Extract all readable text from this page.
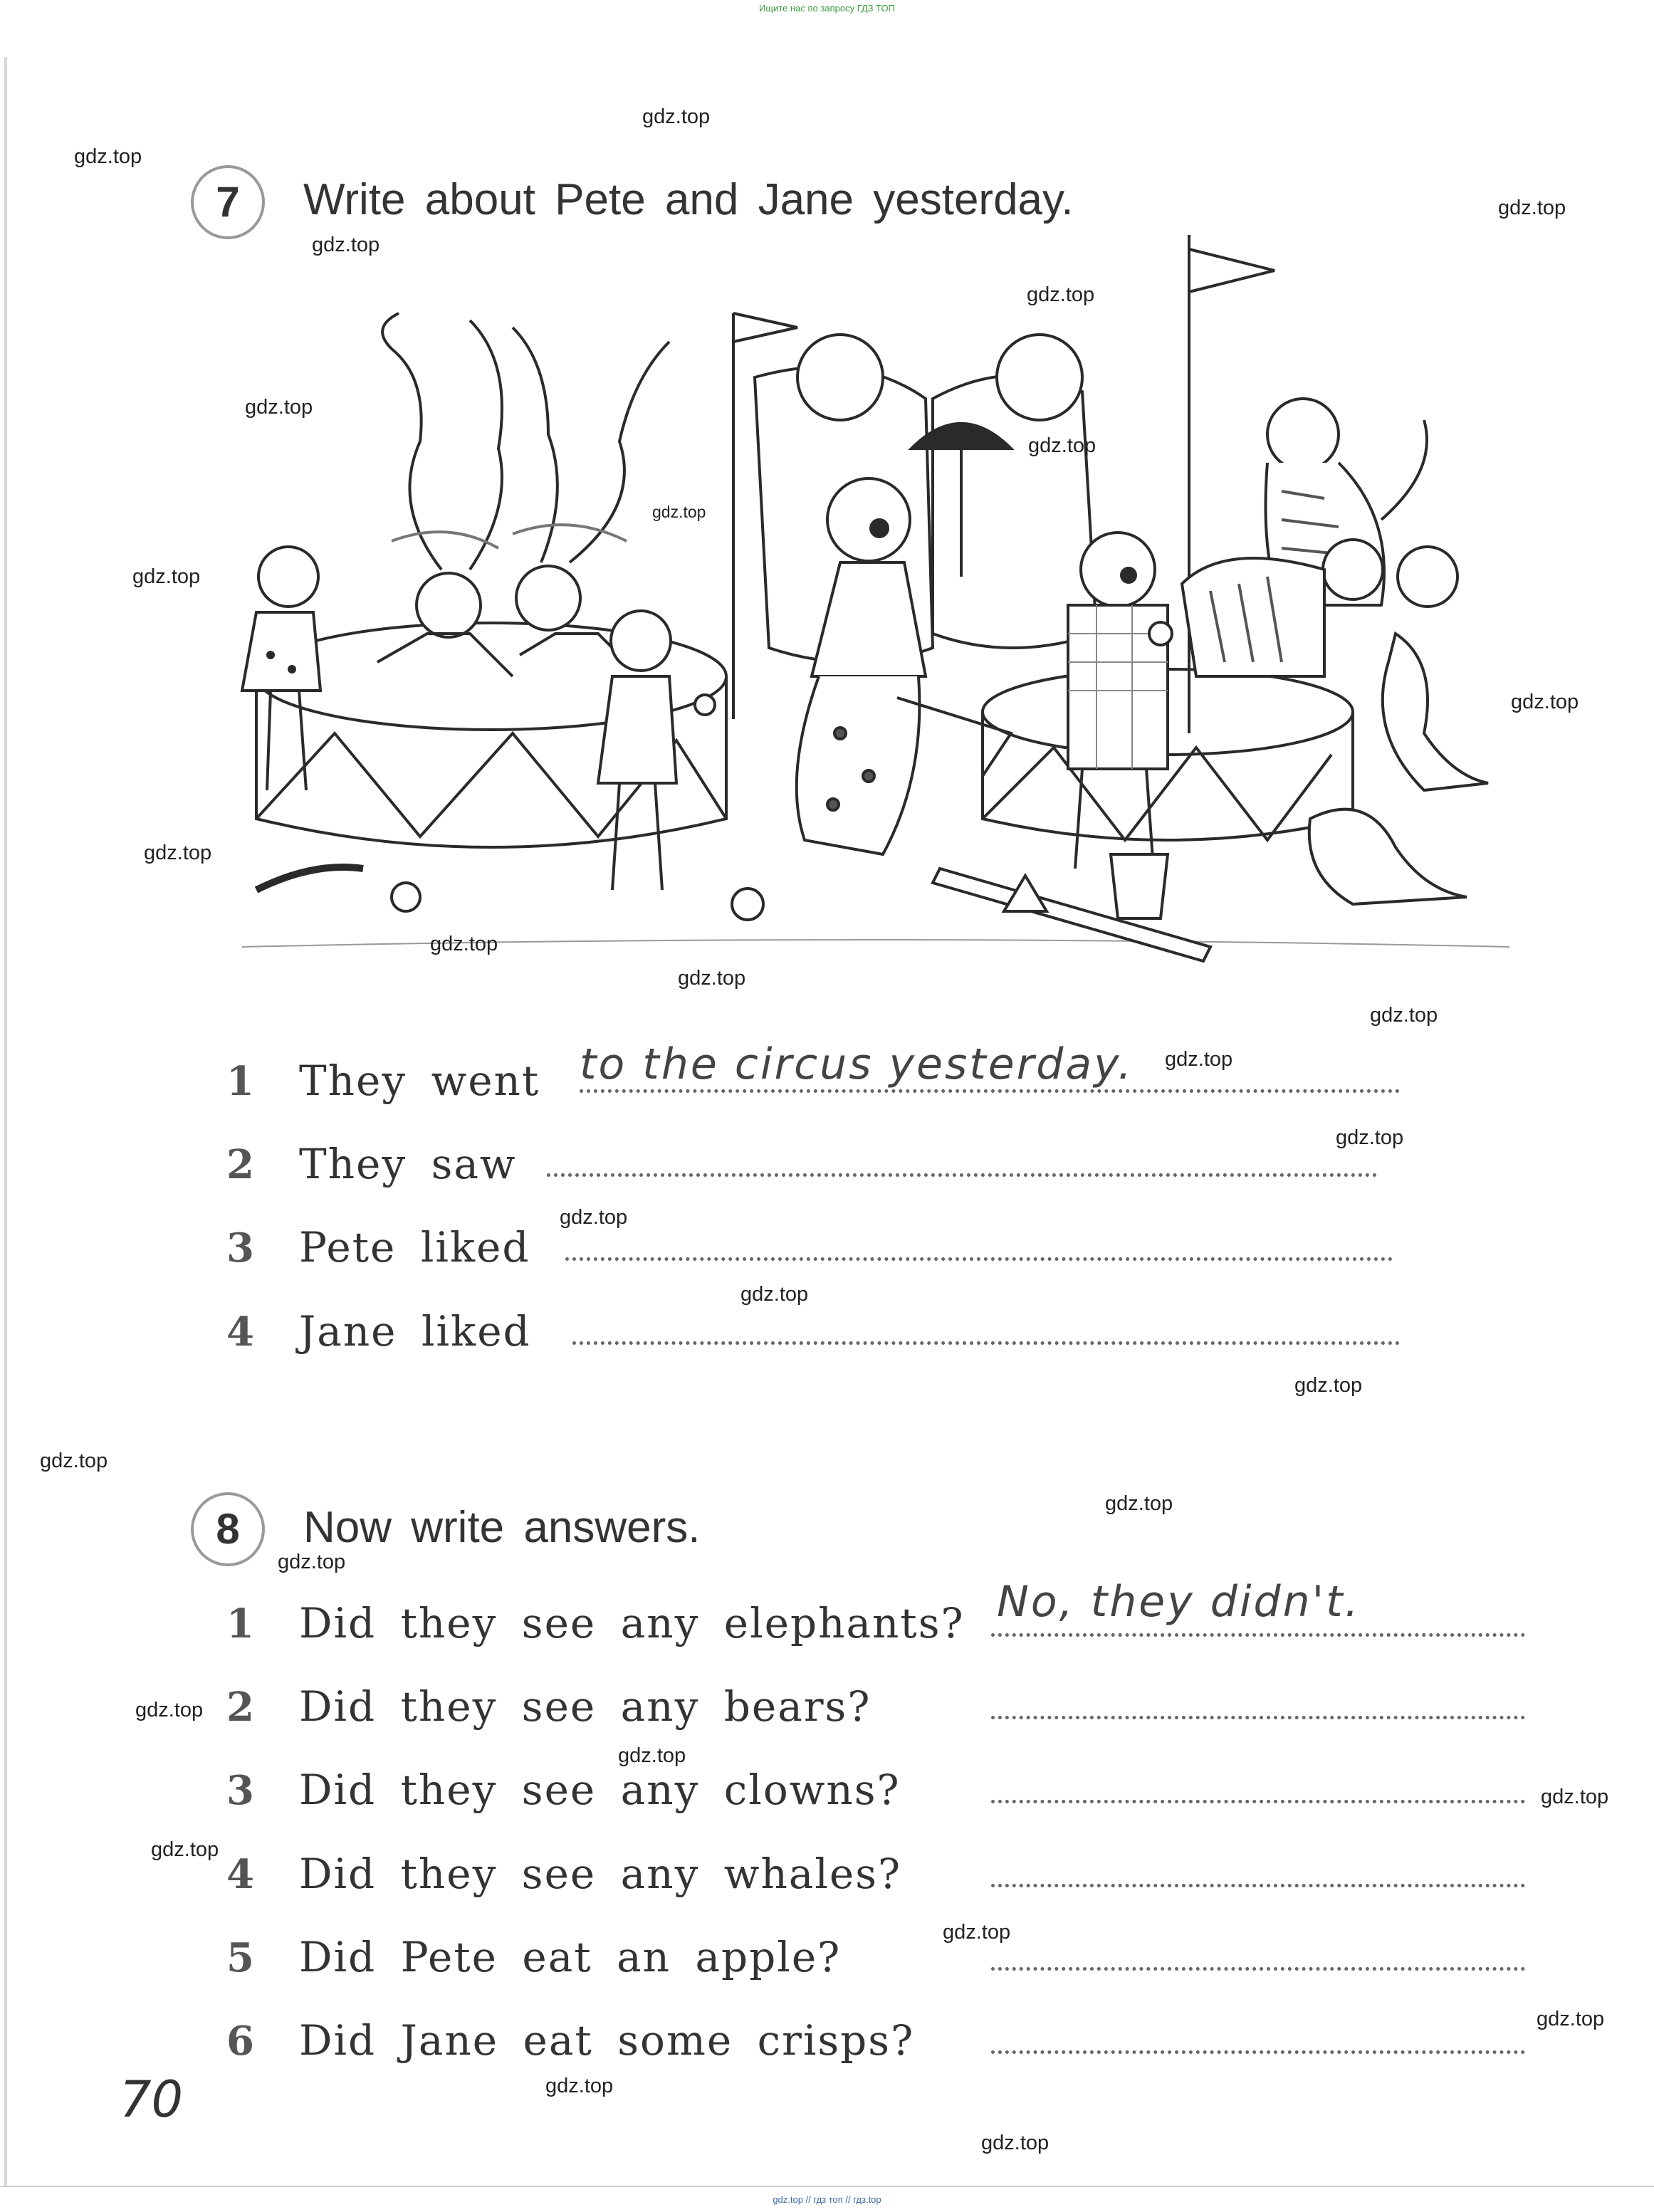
Ищите нас по запросу ГДЗ ТОП
7	Write about Pete and Jane yesterday.
1 They went to the circus yesterday.
2 They saw
3 Pete liked
4 Jane liked
8	Now write answers.
1 Did they see any elephants? No, they didn't.
2 Did they see any bears?
3 Did they see any clowns?
4 Did they see any whales?
5 Did Pete eat an apple?
6 Did Jane eat some crisps?
70
gdz.top
gdz.top
gdz.top
gdz.top
gdz.top
gdz.top
gdz.top
gdz.top
gdz.top
gdz.top
gdz.top
gdz.top
gdz.top
gdz.top
gdz.top
gdz.top
gdz.top
gdz.top
gdz.top
gdz.top
gdz.top
gdz.top
gdz.top
gdz.top
gdz.top
gdz.top
gdz.top
gdz.top
gdz.top
gdz.top
gdz.top // гдз топ // гдз.top
